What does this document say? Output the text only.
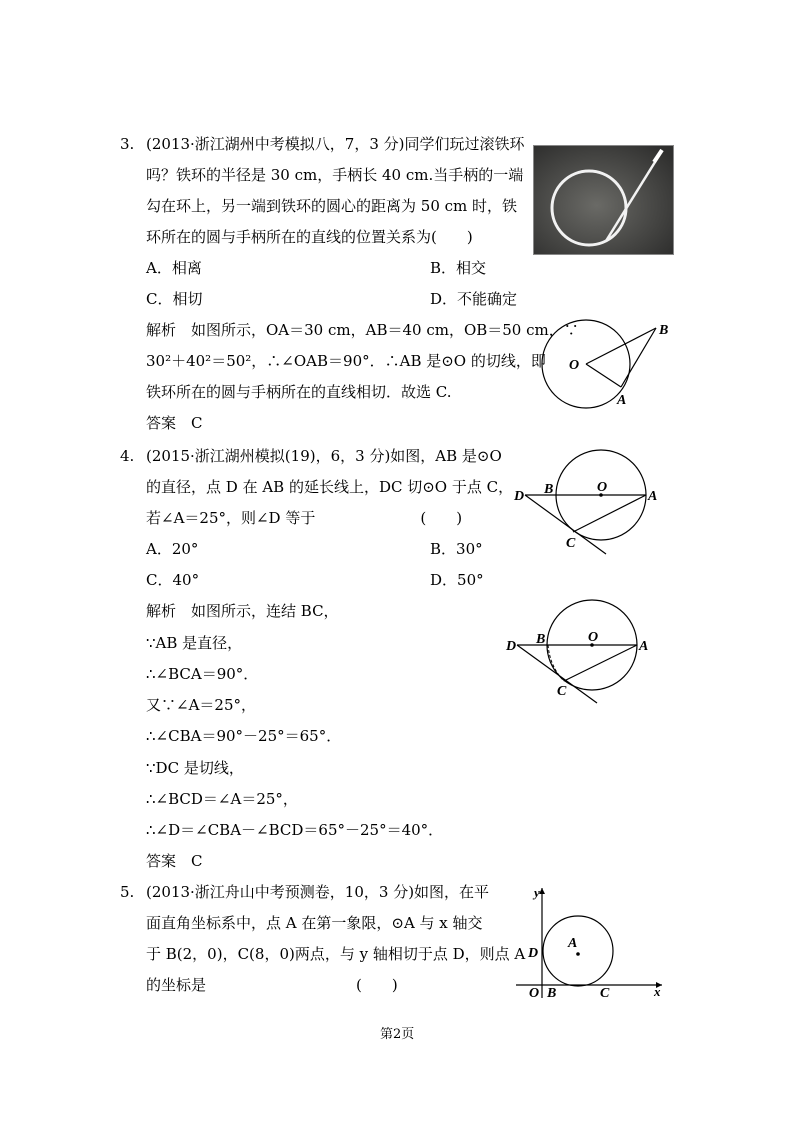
3. (2013·浙江湖州中考模拟八，7，3 分)同学们玩过滚铁环
吗？铁环的半径是 30 cm，手柄长 40 cm.当手柄的一端
勾在环上，另一端到铁环的圆心的距离为 50 cm 时，铁
环所在的圆与手柄所在的直线的位置关系为(　　)
A．相离	B．相交
C．相切	D．不能确定
解析　如图所示，OA＝30 cm，AB＝40 cm，OB＝50 cm，∵
30²＋40²＝50²，∴∠OAB＝90°．∴AB 是⊙O 的切线，即
铁环所在的圆与手柄所在的直线相切．故选 C.
答案　C
O
B
A
4. (2015·浙江湖州模拟(19)，6，3 分)如图，AB 是⊙O
的直径，点 D 在 AB 的延长线上，DC 切⊙O 于点 C，
若∠A＝25°，则∠D 等于　　　　　　　(　　)
A．20°	B．30°
C．40°	D．50°
解析　如图所示，连结 BC，
∵AB 是直径，
∴∠BCA＝90°．
又∵∠A＝25°，
∴∠CBA＝90°－25°＝65°．
∵DC 是切线，
∴∠BCD＝∠A＝25°，
∴∠D＝∠CBA－∠BCD＝65°－25°＝40°．
答案　C
D B	O
A
C
D B	O
A
C
5. (2013·浙江舟山中考预测卷，10，3 分)如图，在平
面直角坐标系中，点 A 在第一象限，⊙A 与 x 轴交
于 B(2，0)，C(8，0)两点，与 y 轴相切于点 D，则点 A
的坐标是　　　　　　　　　　(　　)
y
x
O B	C
D
A
第2页
